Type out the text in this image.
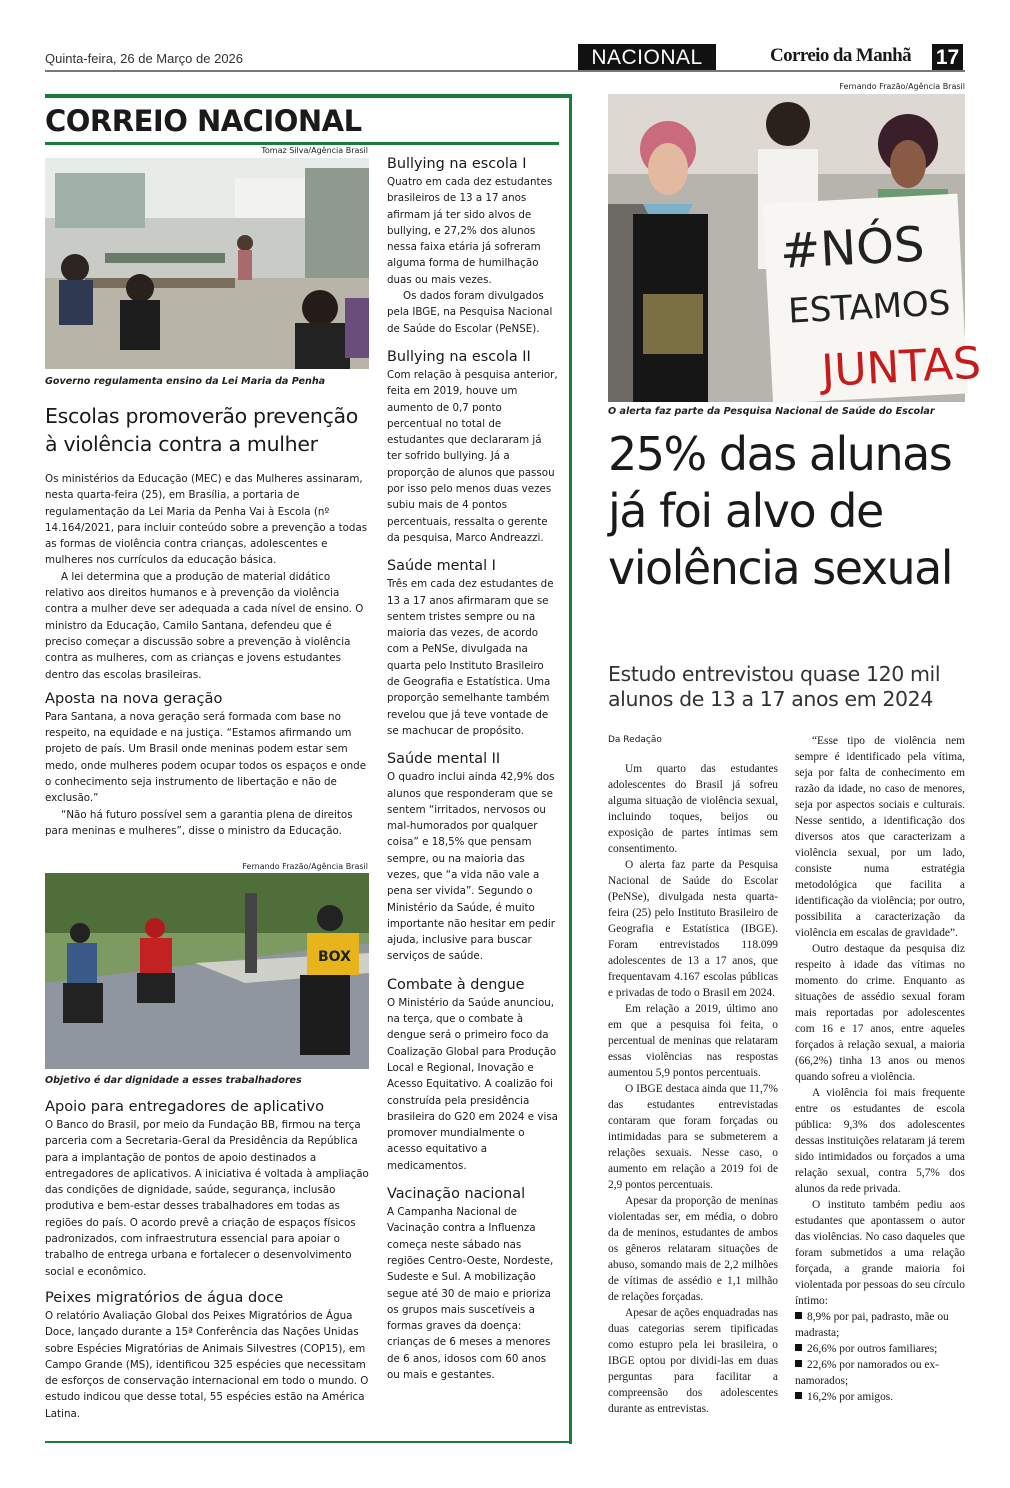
Quinta-feira, 26 de Março de 2026	NACIONAL	Correio da Manhã 17
CORREIO NACIONAL
Tomaz Silva/Agência Brasil
Governo regulamenta ensino da Lei Maria da Penha
Escolas promoverão prevenção à violência contra a mulher

Os ministérios da Educação (MEC) e das Mulheres assinaram, nesta quarta-feira (25), em Brasília, a portaria de regulamentação da Lei Maria da Penha Vai à Escola (nº 14.164/2021, para incluir conteúdo sobre a prevenção a todas as formas de violência contra crianças, adolescentes e mulheres nos currículos da educação básica.

A lei determina que a produção de material didático relativo aos direitos humanos e à prevenção da violência contra a mulher deve ser adequada a cada nível de ensino. O ministro da Educação, Camilo Santana, defendeu que é preciso começar a discussão sobre a prevenção à violência contra as mulheres, com as crianças e jovens estudantes dentro das escolas brasileiras.

Aposta na nova geração

Para Santana, a nova geração será formada com base no respeito, na equidade e na justiça. “Estamos afirmando um projeto de país. Um Brasil onde meninas podem estar sem medo, onde mulheres podem ocupar todos os espaços e onde o conhecimento seja instrumento de libertação e não de exclusão.”

“Não há futuro possível sem a garantia plena de direitos para meninas e mulheres”, disse o ministro da Educação.

Fernando Frazão/Agência Brasil
BOX
Objetivo é dar dignidade a esses trabalhadores
Apoio para entregadores de aplicativo

O Banco do Brasil, por meio da Fundação BB, firmou na terça parceria com a Secretaria-Geral da Presidência da República para a implantação de pontos de apoio destinados a entregadores de aplicativos. A iniciativa é voltada à ampliação das condições de dignidade, saúde, segurança, inclusão produtiva e bem-estar desses trabalhadores em todas as regiões do país. O acordo prevê a criação de espaços físicos padronizados, com infraestrutura essencial para apoiar o trabalho de entrega urbana e fortalecer o desenvolvimento social e econômico.

Peixes migratórios de água doce

O relatório Avaliação Global dos Peixes Migratórios de Água Doce, lançado durante a 15ª Conferência das Nações Unidas sobre Espécies Migratórias de Animais Silvestres (COP15), em Campo Grande (MS), identificou 325 espécies que necessitam de esforços de conservação internacional em todo o mundo. O estudo indicou que desse total, 55 espécies estão na América Latina.

Bullying na escola I

Quatro em cada dez estudantes brasileiros de 13 a 17 anos afirmam já ter sido alvos de bullying, e 27,2% dos alunos nessa faixa etária já sofreram alguma forma de humilhação duas ou mais vezes.

Os dados foram divulgados pela IBGE, na Pesquisa Nacional de Saúde do Escolar (PeNSE).

Bullying na escola II

Com relação à pesquisa anterior, feita em 2019, houve um aumento de 0,7 ponto percentual no total de estudantes que declararam já ter sofrido bullying. Já a proporção de alunos que passou por isso pelo menos duas vezes subiu mais de 4 pontos percentuais, ressalta o gerente da pesquisa, Marco Andreazzi.

Saúde mental I

Três em cada dez estudantes de 13 a 17 anos afirmaram que se sentem tristes sempre ou na maioria das vezes, de acordo com a PeNSe, divulgada na quarta pelo Instituto Brasileiro de Geografia e Estatística. Uma proporção semelhante também revelou que já teve vontade de se machucar de propósito.

Saúde mental II

O quadro inclui ainda 42,9% dos alunos que responderam que se sentem “irritados, nervosos ou mal-humorados por qualquer coisa” e 18,5% que pensam sempre, ou na maioria das vezes, que “a vida não vale a pena ser vivida”. Segundo o Ministério da Saúde, é muito importante não hesitar em pedir ajuda, inclusive para buscar serviços de saúde.

Combate à dengue

O Ministério da Saúde anunciou, na terça, que o combate à dengue será o primeiro foco da Coalização Global para Produção Local e Regional, Inovação e Acesso Equitativo. A coalizão foi construída pela presidência brasileira do G20 em 2024 e visa promover mundialmente o acesso equitativo a medicamentos.

Vacinação nacional

A Campanha Nacional de Vacinação contra a Influenza começa neste sábado nas regiões Centro-Oeste, Nordeste, Sudeste e Sul. A mobilização segue até 30 de maio e prioriza os grupos mais suscetíveis a formas graves da doença: crianças de 6 meses a menores de 6 anos, idosos com 60 anos ou mais e gestantes.

Fernando Frazão/Agência Brasil
#NÓS
ESTAMOS
JUNTAS
O alerta faz parte da Pesquisa Nacional de Saúde do Escolar
25% das alunas já foi alvo de violência sexual
Estudo entrevistou quase 120 mil alunos de 13 a 17 anos em 2024

Da Redação

Um quarto das estudantes adolescentes do Brasil já sofreu alguma situação de violência sexual, incluindo toques, beijos ou exposição de partes íntimas sem consentimento.

O alerta faz parte da Pesquisa Nacional de Saúde do Escolar (PeNSe), divulgada nesta quarta-feira (25) pelo Instituto Brasileiro de Geografia e Estatística (IBGE). Foram entrevistados 118.099 adolescentes de 13 a 17 anos, que frequentavam 4.167 escolas públicas e privadas de todo o Brasil em 2024.

Em relação a 2019, último ano em que a pesquisa foi feita, o percentual de meninas que relataram essas violências nas respostas aumentou 5,9 pontos percentuais.

O IBGE destaca ainda que 11,7% das estudantes entrevistadas contaram que foram forçadas ou intimidadas para se submeterem a relações sexuais. Nesse caso, o aumento em relação a 2019 foi de 2,9 pontos percentuais.

Apesar da proporção de meninas violentadas ser, em média, o dobro da de meninos, estudantes de ambos os gêneros relataram situações de abuso, somando mais de 2,2 milhões de vítimas de assédio e 1,1 milhão de relações forçadas.

Apesar de ações enquadradas nas duas categorias serem tipificadas como estupro pela lei brasileira, o IBGE optou por dividi-las em duas perguntas para facilitar a compreensão dos adolescentes durante as entrevistas.

“Esse tipo de violência nem sempre é identificado pela vítima, seja por falta de conhecimento em razão da idade, no caso de menores, seja por aspectos sociais e culturais. Nesse sentido, a identificação dos diversos atos que caracterizam a violência sexual, por um lado, consiste numa estratégia metodológica que facilita a identificação da violência; por outro, possibilita a caracterização da violência em escalas de gravidade”.

Outro destaque da pesquisa diz respeito à idade das vítimas no momento do crime. Enquanto as situações de assédio sexual foram mais reportadas por adolescentes com 16 e 17 anos, entre aqueles forçados à relação sexual, a maioria (66,2%) tinha 13 anos ou menos quando sofreu a violência.

A violência foi mais frequente entre os estudantes de escola pública: 9,3% dos adolescentes dessas instituições relataram já terem sido intimidados ou forçados a uma relação sexual, contra 5,7% dos alunos da rede privada.

O instituto também pediu aos estudantes que apontassem o autor das violências. No caso daqueles que foram submetidos a uma relação forçada, a grande maioria foi violentada por pessoas do seu círculo íntimo:

8,9% por pai, padrasto, mãe ou madrasta;

26,6% por outros familiares;

22,6% por namorados ou ex-namorados;

16,2% por amigos.
